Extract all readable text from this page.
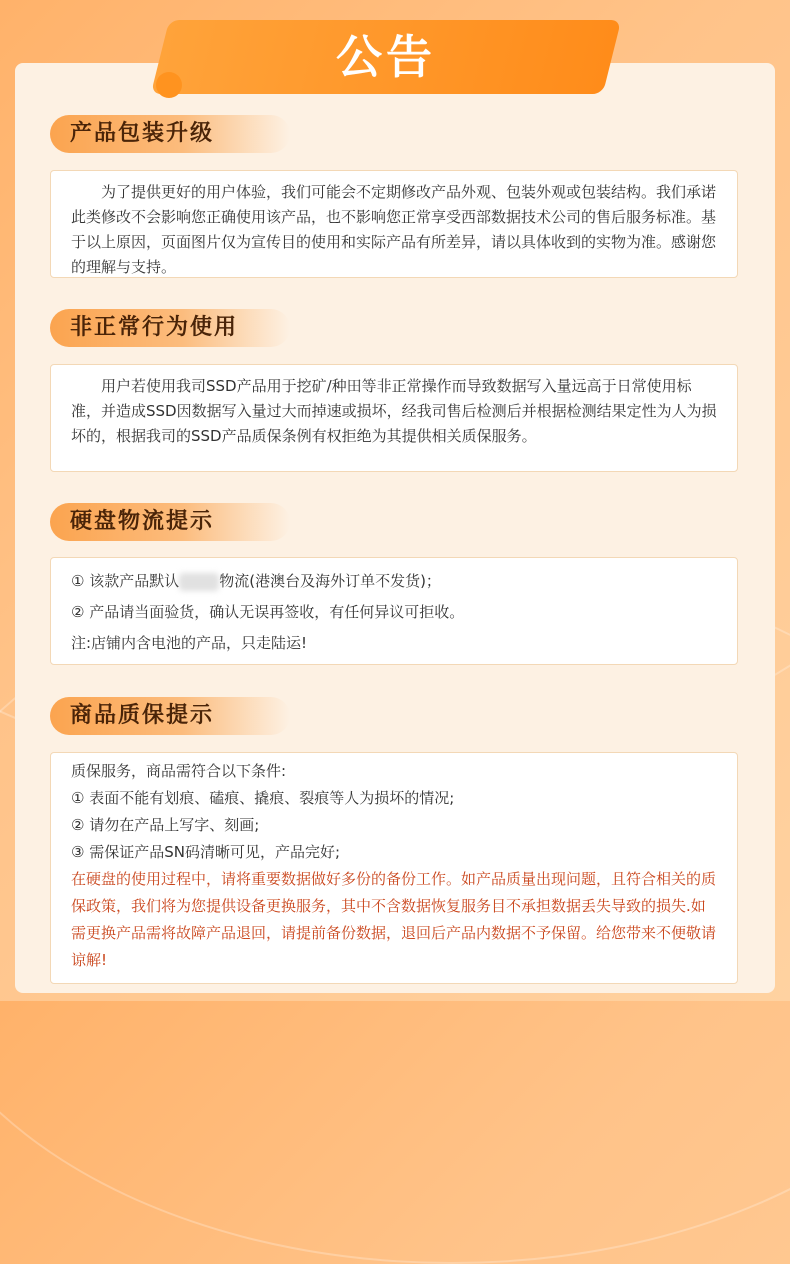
公告
产品包装升级

为了提供更好的用户体验，我们可能会不定期修改产品外观、包装外观或包装结构。我们承诺此类修改不会影响您正确使用该产品，也不影响您正常享受西部数据技术公司的售后服务标准。基于以上原因，页面图片仅为宣传目的使用和实际产品有所差异，请以具体收到的实物为准。感谢您的理解与支持。

非正常行为使用

用户若使用我司SSD产品用于挖矿/种田等非正常操作而导致数据写入量远高于日常使用标准，并造成SSD因数据写入量过大而掉速或损坏，经我司售后检测后并根据检测结果定性为人为损坏的，根据我司的SSD产品质保条例有权拒绝为其提供相关质保服务。

硬盘物流提示

① 该款产品默认	物流(港澳台及海外订单不发货)；

② 产品请当面验货，确认无误再签收，有任何异议可拒收。

注:店铺内含电池的产品，只走陆运!

商品质保提示

质保服务，商品需符合以下条件:

① 表面不能有划痕、磕痕、撬痕、裂痕等人为损坏的情况;

② 请勿在产品上写字、刻画;

③ 需保证产品SN码清晰可见，产品完好;

在硬盘的使用过程中，请将重要数据做好多份的备份工作。如产品质量出现问题，且符合相关的质保政策，我们将为您提供设备更换服务，其中不含数据恢复服务目不承担数据丢失导致的损失.如需更换产品需将故障产品退回，请提前备份数据，退回后产品内数据不予保留。给您带来不便敬请谅解!
